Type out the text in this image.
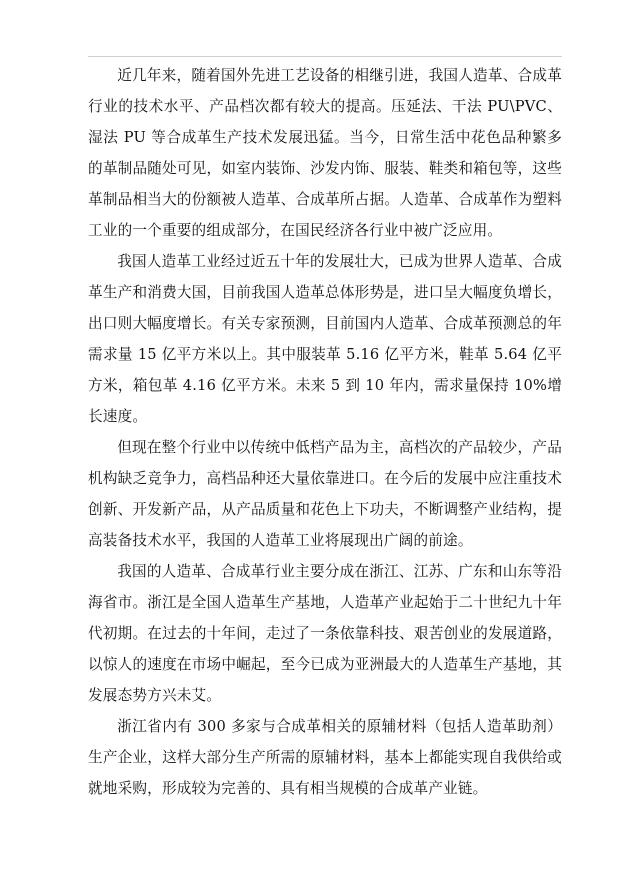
近几年来，随着国外先进工艺设备的相继引进，我国人造革、合成革行业的技术水平、产品档次都有较大的提高。压延法、干法 PU\PVC、湿法 PU 等合成革生产技术发展迅猛。当今，日常生活中花色品种繁多的革制品随处可见，如室内装饰、沙发内饰、服装、鞋类和箱包等，这些革制品相当大的份额被人造革、合成革所占据。人造革、合成革作为塑料工业的一个重要的组成部分，在国民经济各行业中被广泛应用。

我国人造革工业经过近五十年的发展壮大，已成为世界人造革、合成革生产和消费大国，目前我国人造革总体形势是，进口呈大幅度负增长，出口则大幅度增长。有关专家预测，目前国内人造革、合成革预测总的年需求量 15 亿平方米以上。其中服装革 5.16 亿平方米，鞋革 5.64 亿平方米，箱包革 4.16 亿平方米。未来 5 到 10 年内，需求量保持 10%增长速度。

但现在整个行业中以传统中低档产品为主，高档次的产品较少，产品机构缺乏竞争力，高档品种还大量依靠进口。在今后的发展中应注重技术创新、开发新产品，从产品质量和花色上下功夫，不断调整产业结构，提高装备技术水平，我国的人造革工业将展现出广阔的前途。

我国的人造革、合成革行业主要分成在浙江、江苏、广东和山东等沿海省市。浙江是全国人造革生产基地，人造革产业起始于二十世纪九十年代初期。在过去的十年间，走过了一条依靠科技、艰苦创业的发展道路，以惊人的速度在市场中崛起，至今已成为亚洲最大的人造革生产基地，其发展态势方兴未艾。

浙江省内有 300 多家与合成革相关的原辅材料（包括人造革助剂）生产企业，这样大部分生产所需的原辅材料，基本上都能实现自我供给或就地采购，形成较为完善的、具有相当规模的合成革产业链。
